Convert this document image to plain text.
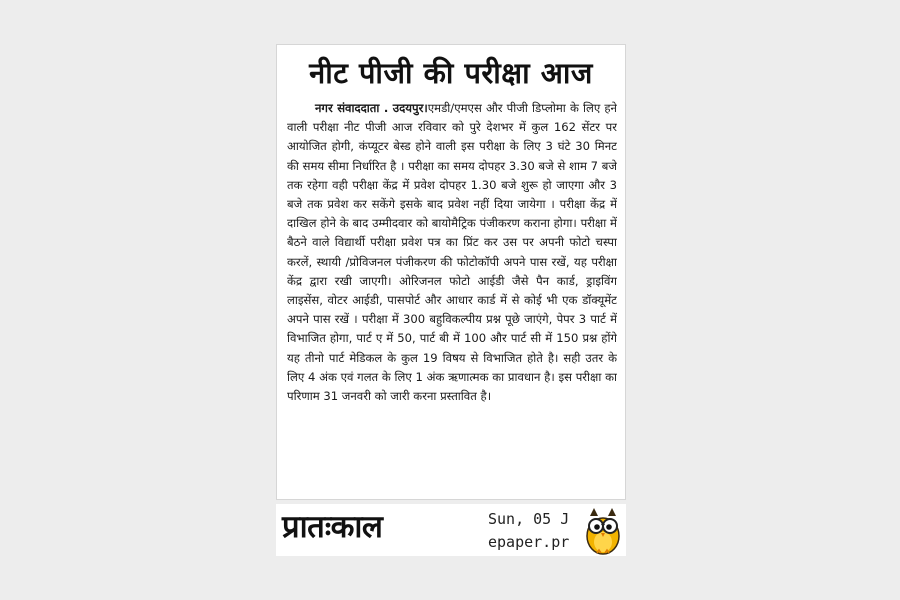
नीट पीजी की परीक्षा आज

नगर संवाददाता . उदयपुर।एमडी/एमएस और पीजी डिप्लोमा के लिए हने वाली परीक्षा नीट पीजी आज रविवार को पुरे देशभर में कुल 162 सेंटर पर आयोजित होगी, कंप्यूटर बेस्ड होने वाली इस परीक्षा के लिए 3 घंटे 30 मिनट की समय सीमा निर्धारित है । परीक्षा का समय दोपहर 3.30 बजे से शाम 7 बजे तक रहेगा वही परीक्षा केंद्र में प्रवेश दोपहर 1.30 बजे शुरू हो जाएगा और 3 बजे तक प्रवेश कर सकेंगे इसके बाद प्रवेश नहीं दिया जायेगा । परीक्षा केंद्र में दाखिल होने के बाद उम्मीदवार को बायोमैट्रिक पंजीकरण कराना होगा। परीक्षा में बैठने वाले विद्यार्थी परीक्षा प्रवेश पत्र का प्रिंट कर उस पर अपनी फोटो चस्पा करलें, स्थायी /प्रोविजनल पंजीकरण की फोटोकॉपी अपने पास रखें, यह परीक्षा केंद्र द्वारा रखी जाएगी। ओरिजनल फोटो आईडी जैसे पैन कार्ड, ड्राइविंग लाइसेंस, वोटर आईडी, पासपोर्ट और आधार कार्ड में से कोई भी एक डॉक्यूमेंट अपने पास रखें । परीक्षा में 300 बहुविकल्पीय प्रश्न पूछे जाएंगे, पेपर 3 पार्ट में विभाजित होगा, पार्ट ए में 50, पार्ट बी में 100 और पार्ट सी में 150 प्रश्न होंगे यह तीनो पार्ट मेडिकल के कुल 19 विषय से विभाजित होते है। सही उतर के लिए 4 अंक एवं गलत के लिए 1 अंक ऋणात्मक का प्रावधान है। इस परीक्षा का परिणाम 31 जनवरी को जारी करना प्रस्तावित है।

प्रातःकाल	Sun, 05 J
epaper.pr
